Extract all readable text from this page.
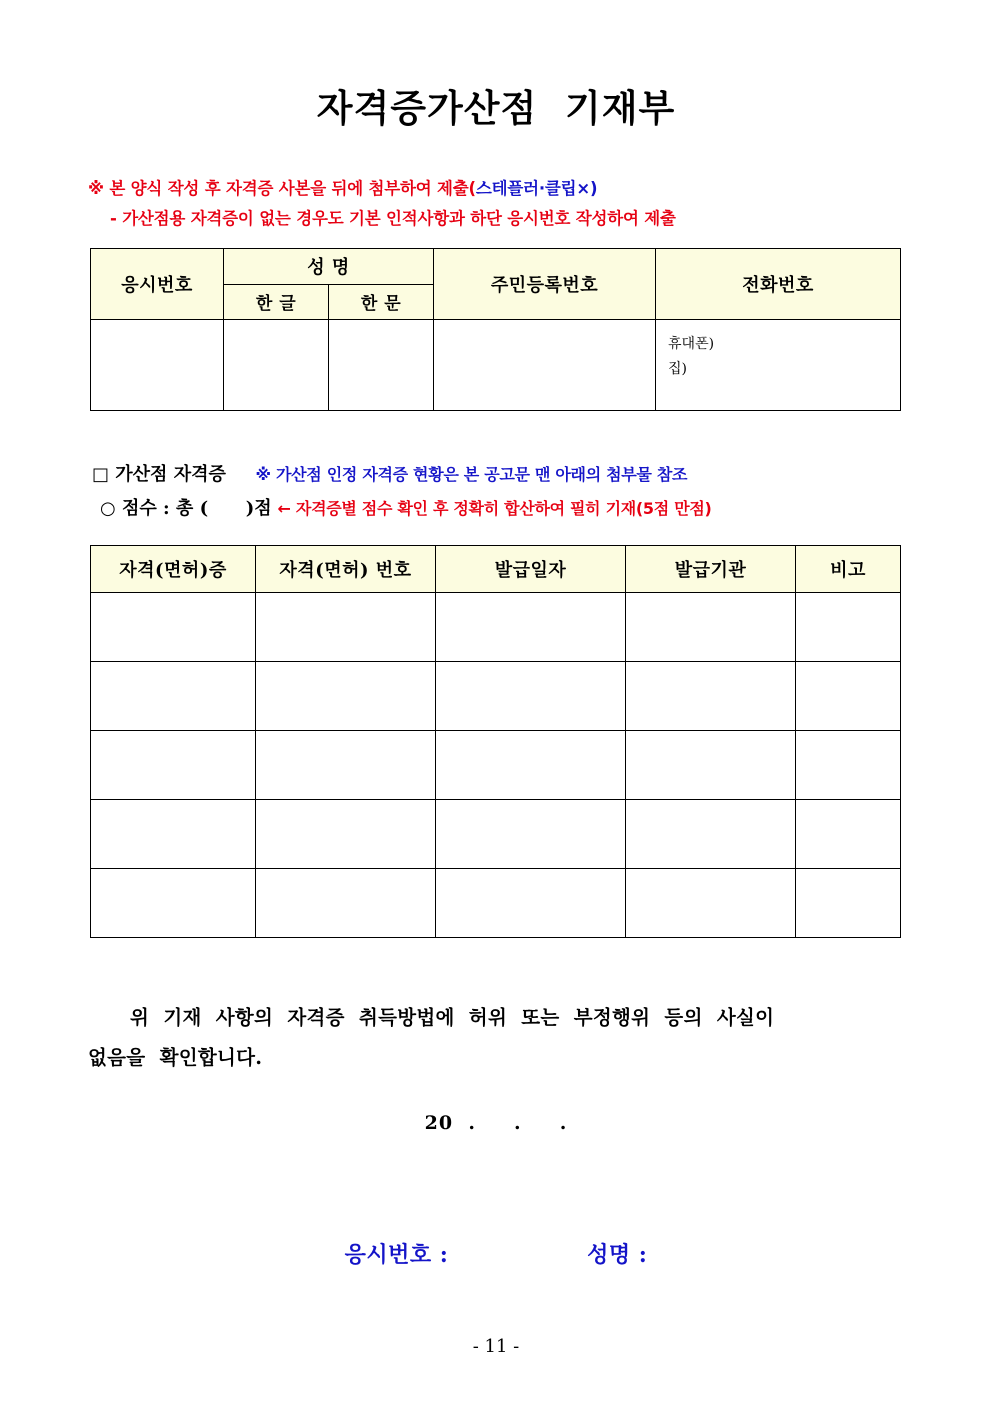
자격증가산점  기재부
※ 본 양식 작성 후 자격증 사본을 뒤에 첨부하여 제출(스테플러·클립×)
- 가산점용 자격증이 없는 경우도 기본 인적사항과 하단 응시번호 작성하여 제출
응시번호	성 명		주민등록번호	전화번호
	한 글	한 문		

				휴대폰)
집)
□ 가산점 자격증 ※ 가산점 인정 자격증 현황은 본 공고문 맨 아래의 첨부물 참조
○ 점수 : 총 (      )점 ← 자격증별 점수 확인 후 정확히 합산하여 필히 기재(5점 만점)
자격(면허)증	자격(면허) 번호	발급일자	발급기관	비고

위  기재  사항의  자격증  취득방법에  허위  또는  부정행위  등의  사실이
없음을  확인합니다.
20  .     .     .
응시번호 :	성명 :
- 11 -
